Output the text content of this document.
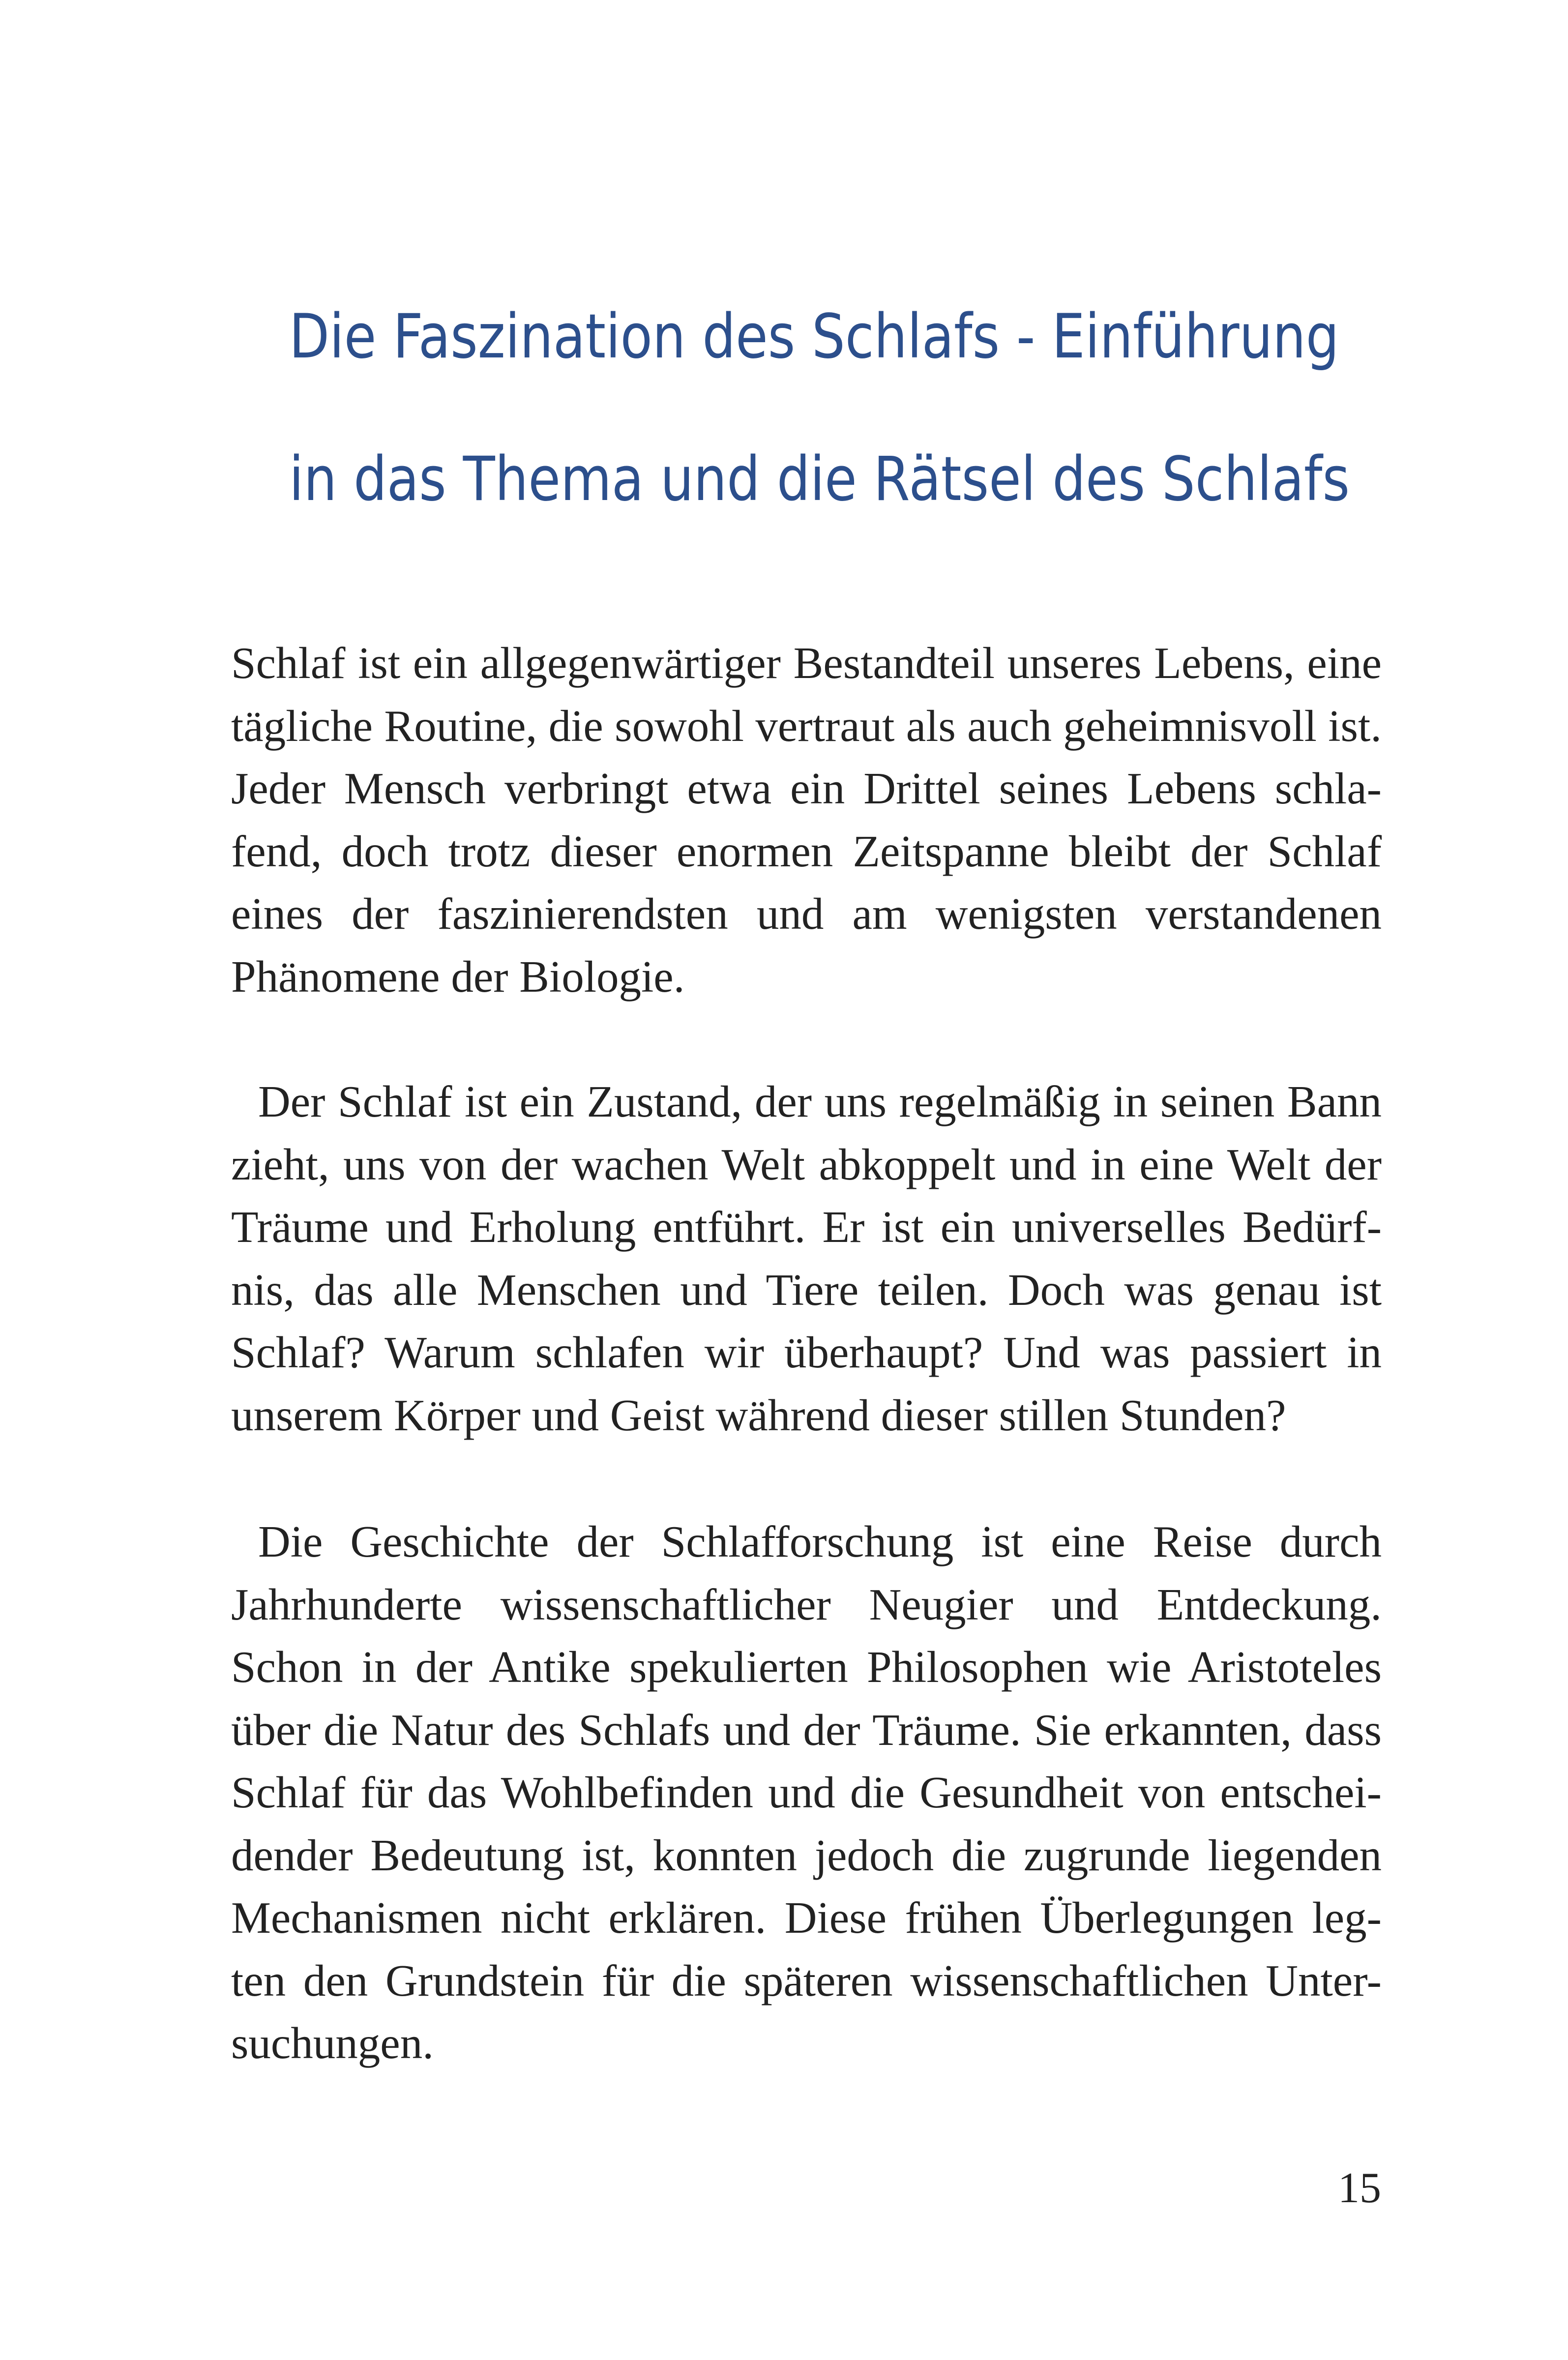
Die Faszination des Schlafs - Einführung
in das Thema und die Rätsel des Schlafs
Schlaf ist ein allgegenwärtiger Bestandteil unseres Lebens, eine
tägliche Routine, die sowohl vertraut als auch geheimnisvoll ist.
Jeder Mensch verbringt etwa ein Drittel seines Lebens schla-
fend, doch trotz dieser enormen Zeitspanne bleibt der Schlaf
eines der faszinierendsten und am wenigsten verstandenen
Phänomene der Biologie.
Der Schlaf ist ein Zustand, der uns regelmäßig in seinen Bann
zieht, uns von der wachen Welt abkoppelt und in eine Welt der
Träume und Erholung entführt. Er ist ein universelles Bedürf-
nis, das alle Menschen und Tiere teilen. Doch was genau ist
Schlaf? Warum schlafen wir überhaupt? Und was passiert in
unserem Körper und Geist während dieser stillen Stunden?
Die Geschichte der Schlafforschung ist eine Reise durch
Jahrhunderte wissenschaftlicher Neugier und Entdeckung.
Schon in der Antike spekulierten Philosophen wie Aristoteles
über die Natur des Schlafs und der Träume. Sie erkannten, dass
Schlaf für das Wohlbefinden und die Gesundheit von entschei-
dender Bedeutung ist, konnten jedoch die zugrunde liegenden
Mechanismen nicht erklären. Diese frühen Überlegungen leg-
ten den Grundstein für die späteren wissenschaftlichen Unter-
suchungen.

15
